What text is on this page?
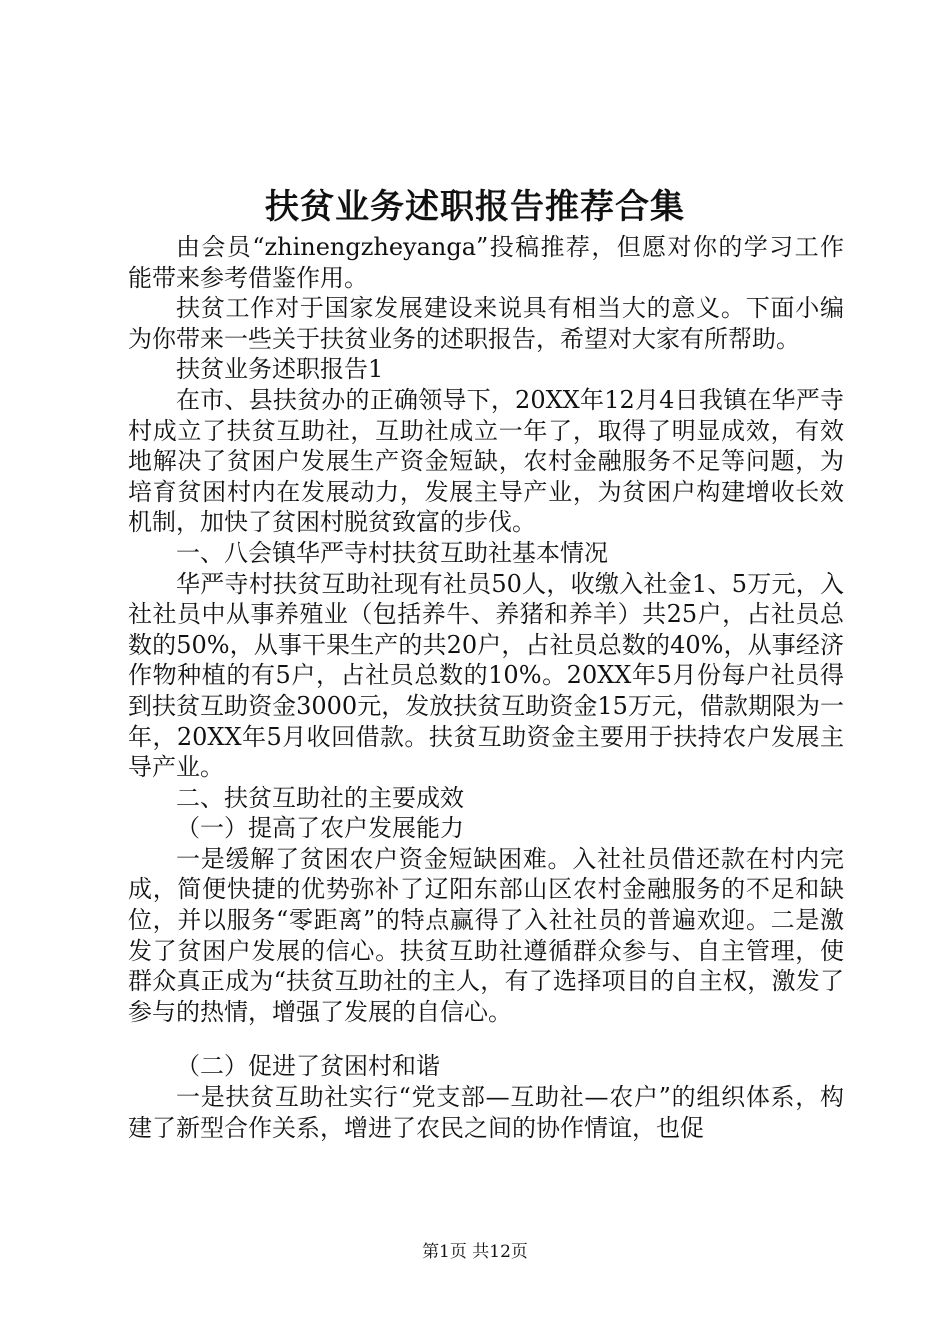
扶贫业务述职报告推荐合集

由会员“zhinengzheyanga”投稿推荐，但愿对你的学习工作能带来参考借鉴作用。

扶贫工作对于国家发展建设来说具有相当大的意义。下面小编为你带来一些关于扶贫业务的述职报告，希望对大家有所帮助。

扶贫业务述职报告1

在市、县扶贫办的正确领导下，20XX年12月4日我镇在华严寺村成立了扶贫互助社，互助社成立一年了，取得了明显成效，有效地解决了贫困户发展生产资金短缺，农村金融服务不足等问题，为培育贫困村内在发展动力，发展主导产业，为贫困户构建增收长效机制，加快了贫困村脱贫致富的步伐。

一、八会镇华严寺村扶贫互助社基本情况

华严寺村扶贫互助社现有社员50人，收缴入社金1、5万元，入社社员中从事养殖业（包括养牛、养猪和养羊）共25户，占社员总数的50%，从事干果生产的共20户，占社员总数的40%，从事经济作物种植的有5户，占社员总数的10%。20XX年5月份每户社员得到扶贫互助资金3000元，发放扶贫互助资金15万元，借款期限为一年，20XX年5月收回借款。扶贫互助资金主要用于扶持农户发展主导产业。

二、扶贫互助社的主要成效

（一）提高了农户发展能力

一是缓解了贫困农户资金短缺困难。入社社员借还款在村内完成，简便快捷的优势弥补了辽阳东部山区农村金融服务的不足和缺位，并以服务“零距离”的特点赢得了入社社员的普遍欢迎。二是激发了贫困户发展的信心。扶贫互助社遵循群众参与、自主管理，使群众真正成为“扶贫互助社的主人，有了选择项目的自主权，激发了参与的热情，增强了发展的自信心。

（二）促进了贫困村和谐

一是扶贫互助社实行“党支部—互助社—农户”的组织体系，构建了新型合作关系，增进了农民之间的协作情谊，也促

第1页 共12页
